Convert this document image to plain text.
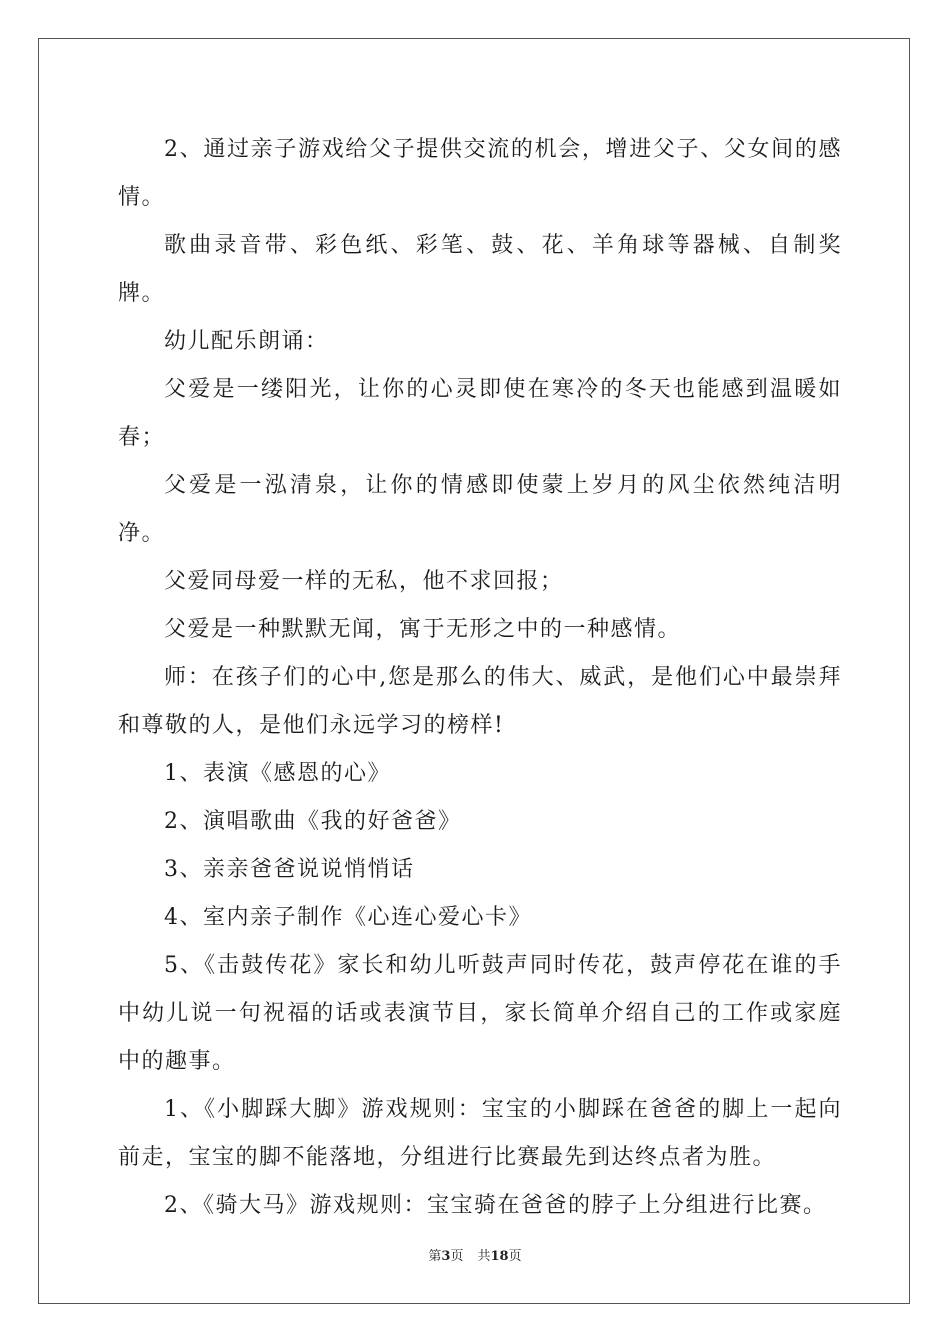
2、通过亲子游戏给父子提供交流的机会，增进父子、父女间的感情。

歌曲录音带、彩色纸、彩笔、鼓、花、羊角球等器械、自制奖牌。

幼儿配乐朗诵：

父爱是一缕阳光，让你的心灵即使在寒冷的冬天也能感到温暖如春；

父爱是一泓清泉，让你的情感即使蒙上岁月的风尘依然纯洁明净。

父爱同母爱一样的无私，他不求回报；

父爱是一种默默无闻，寓于无形之中的一种感情。

师：在孩子们的心中,您是那么的伟大、威武，是他们心中最崇拜和尊敬的人，是他们永远学习的榜样!

1、表演《感恩的心》

2、演唱歌曲《我的好爸爸》

3、亲亲爸爸说说悄悄话

4、室内亲子制作《心连心爱心卡》

5、《击鼓传花》家长和幼儿听鼓声同时传花，鼓声停花在谁的手中幼儿说一句祝福的话或表演节目，家长简单介绍自己的工作或家庭中的趣事。

1、《小脚踩大脚》游戏规则：宝宝的小脚踩在爸爸的脚上一起向前走，宝宝的脚不能落地，分组进行比赛最先到达终点者为胜。

2、《骑大马》游戏规则：宝宝骑在爸爸的脖子上分组进行比赛。

第3页 共18页
